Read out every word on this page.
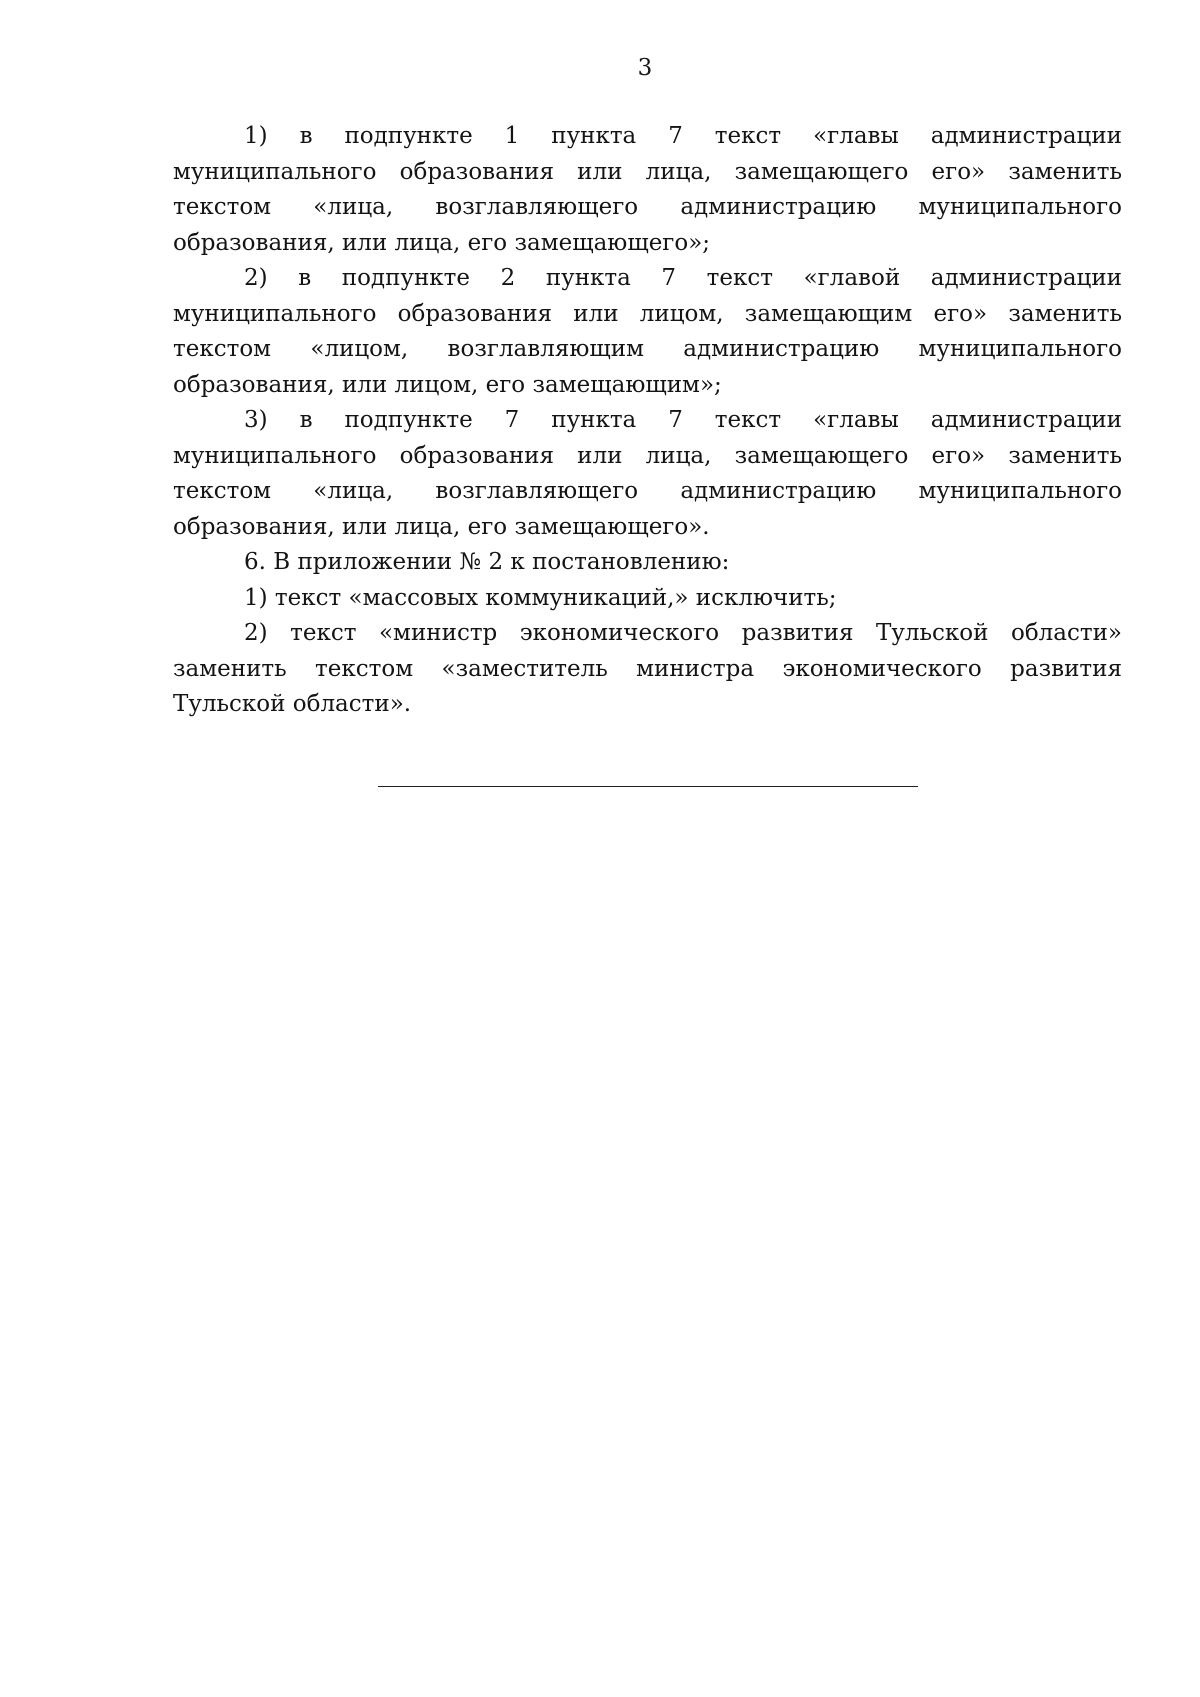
3

1) в подпункте 1 пункта 7 текст «главы администрации муниципального образования или лица, замещающего его» заменить текстом «лица, возглавляющего администрацию муниципального образования, или лица, его замещающего»;

2) в подпункте 2 пункта 7 текст «главой администрации муниципального образования или лицом, замещающим его» заменить текстом «лицом, возглавляющим администрацию муниципального образования, или лицом, его замещающим»;

3) в подпункте 7 пункта 7 текст «главы администрации муниципального образования или лица, замещающего его» заменить текстом «лица, возглавляющего администрацию муниципального образования, или лица, его замещающего».

6. В приложении № 2 к постановлению:

1) текст «массовых коммуникаций,» исключить;

2) текст «министр экономического развития Тульской области» заменить текстом «заместитель министра экономического развития Тульской области».
